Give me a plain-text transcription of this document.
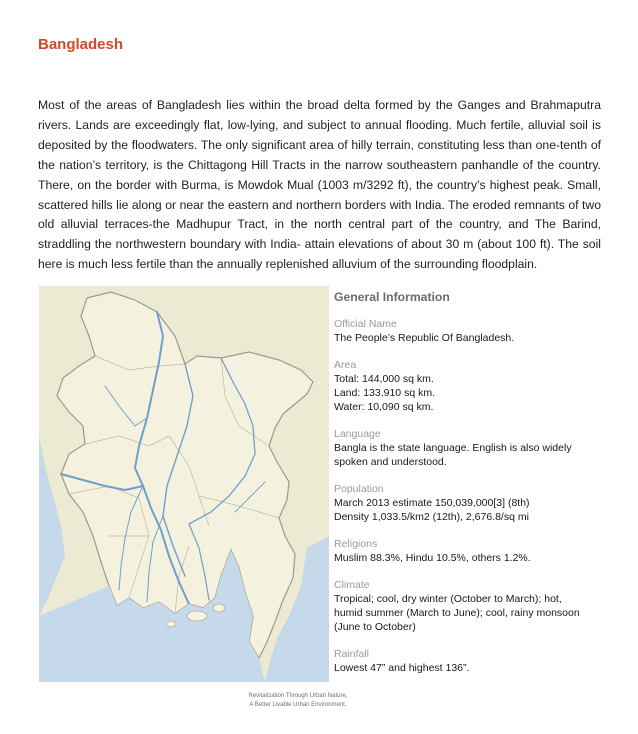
Bangladesh

Most of the areas of Bangladesh lies within the broad delta formed by the Ganges and Brahmaputra rivers. Lands are exceedingly flat, low-lying, and subject to annual flooding. Much fertile, alluvial soil is deposited by the floodwaters. The only significant area of hilly terrain, constituting less than one-tenth of the nation’s territory, is the Chittagong Hill Tracts in the narrow southeastern panhandle of the country. There, on the border with Burma, is Mowdok Mual (1003 m/3292 ft), the country’s highest peak. Small, scattered hills lie along or near the eastern and northern borders with India. The eroded remnants of two old alluvial terraces-the Madhupur Tract, in the north central part of the country, and The Barind, straddling the northwestern boundary with India- attain elevations of about 30 m (about 100 ft). The soil here is much less fertile than the annually replenished alluvium of the surrounding floodplain.

General Information
Official Name
The People’s Republic Of Bangladesh.
Area
Total: 144,000 sq km.
Land: 133,910 sq km.
Water: 10,090 sq km.
Language
Bangla is the state language. English is also widely
spoken and understood.
Population
March 2013 estimate 150,039,000[3] (8th)
Density 1,033.5/km2 (12th), 2,676.8/sq mi
Religions
Muslim 88.3%, Hindu 10.5%, others 1.2%.
Climate
Tropical; cool, dry winter (October to March); hot,
humid summer (March to June); cool, rainy monsoon
(June to October)
Rainfall
Lowest 47” and highest 136”.
Revitalization Through Urban Nature,
A Better Livable Urban Environment.
